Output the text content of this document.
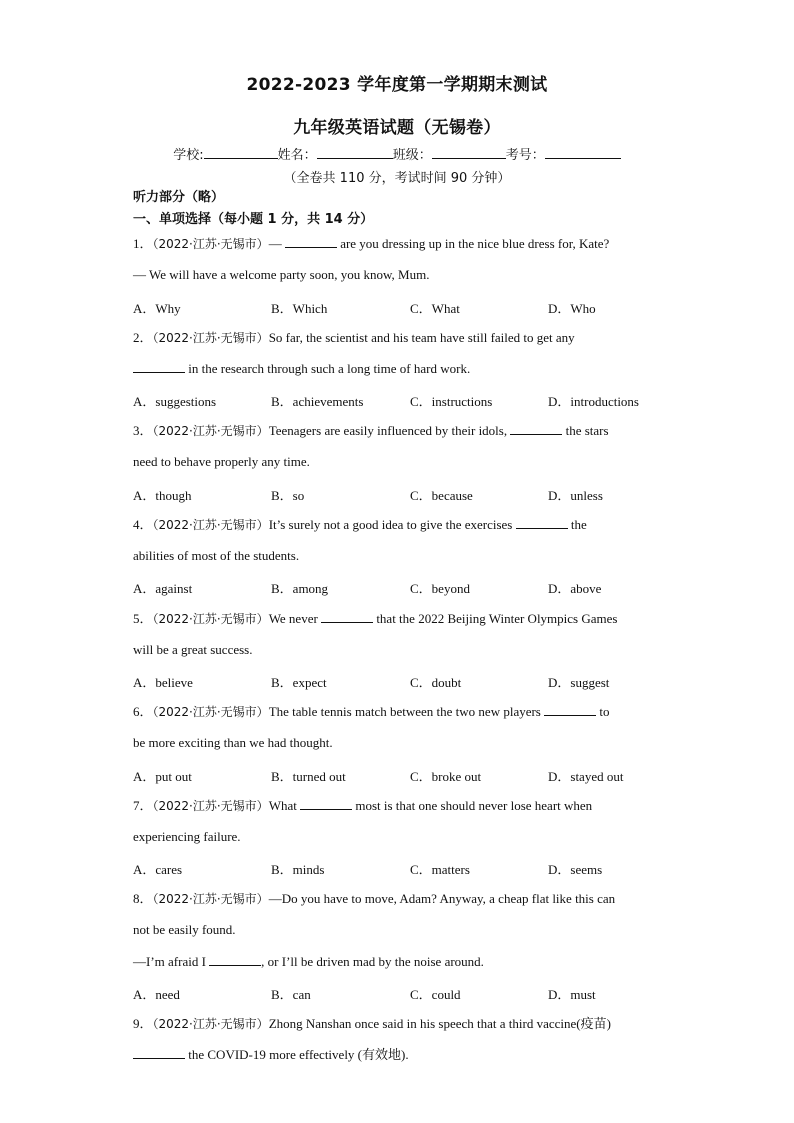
2022-2023 学年度第一学期期末测试
九年级英语试题（无锡卷）
学校:	姓名：	班级：	考号：
（全卷共 110 分，考试时间 90 分钟）
听力部分（略）
一、单项选择（每小题 1 分，共 14 分）
1．（2022·江苏·无锡市）—	are you dressing up in the nice blue dress for, Kate?
— We will have a welcome party soon, you know, Mum.
A．Why	B．Which	C．What	D．Who
2．（2022·江苏·无锡市）So far, the scientist and his team have still failed to get any
in the research through such a long time of hard work.
A．suggestions	B．achievements	C．instructions	D．introductions
3．（2022·江苏·无锡市）Teenagers are easily influenced by their idols,	the stars
need to behave properly any time.
A．though	B．so	C．because	D．unless
4．（2022·江苏·无锡市）It’s surely not a good idea to give the exercises	the
abilities of most of the students.
A．against	B．among	C．beyond	D．above
5．（2022·江苏·无锡市）We never	that the 2022 Beijing Winter Olympics Games
will be a great success.
A．believe	B．expect	C．doubt	D．suggest
6．（2022·江苏·无锡市）The table tennis match between the two new players	to
be more exciting than we had thought.
A．put out	B．turned out	C．broke out	D．stayed out
7．（2022·江苏·无锡市）What	most is that one should never lose heart when
experiencing failure.
A．cares	B．minds	C．matters	D．seems
8．（2022·江苏·无锡市）—Do you have to move, Adam? Anyway, a cheap flat like this can
not be easily found.
—I’m afraid I	, or I’ll be driven mad by the noise around.
A．need	B．can	C．could	D．must
9．（2022·江苏·无锡市）Zhong Nanshan once said in his speech that a third vaccine(疫苗)
the COVID-19 more effectively (有效地).
